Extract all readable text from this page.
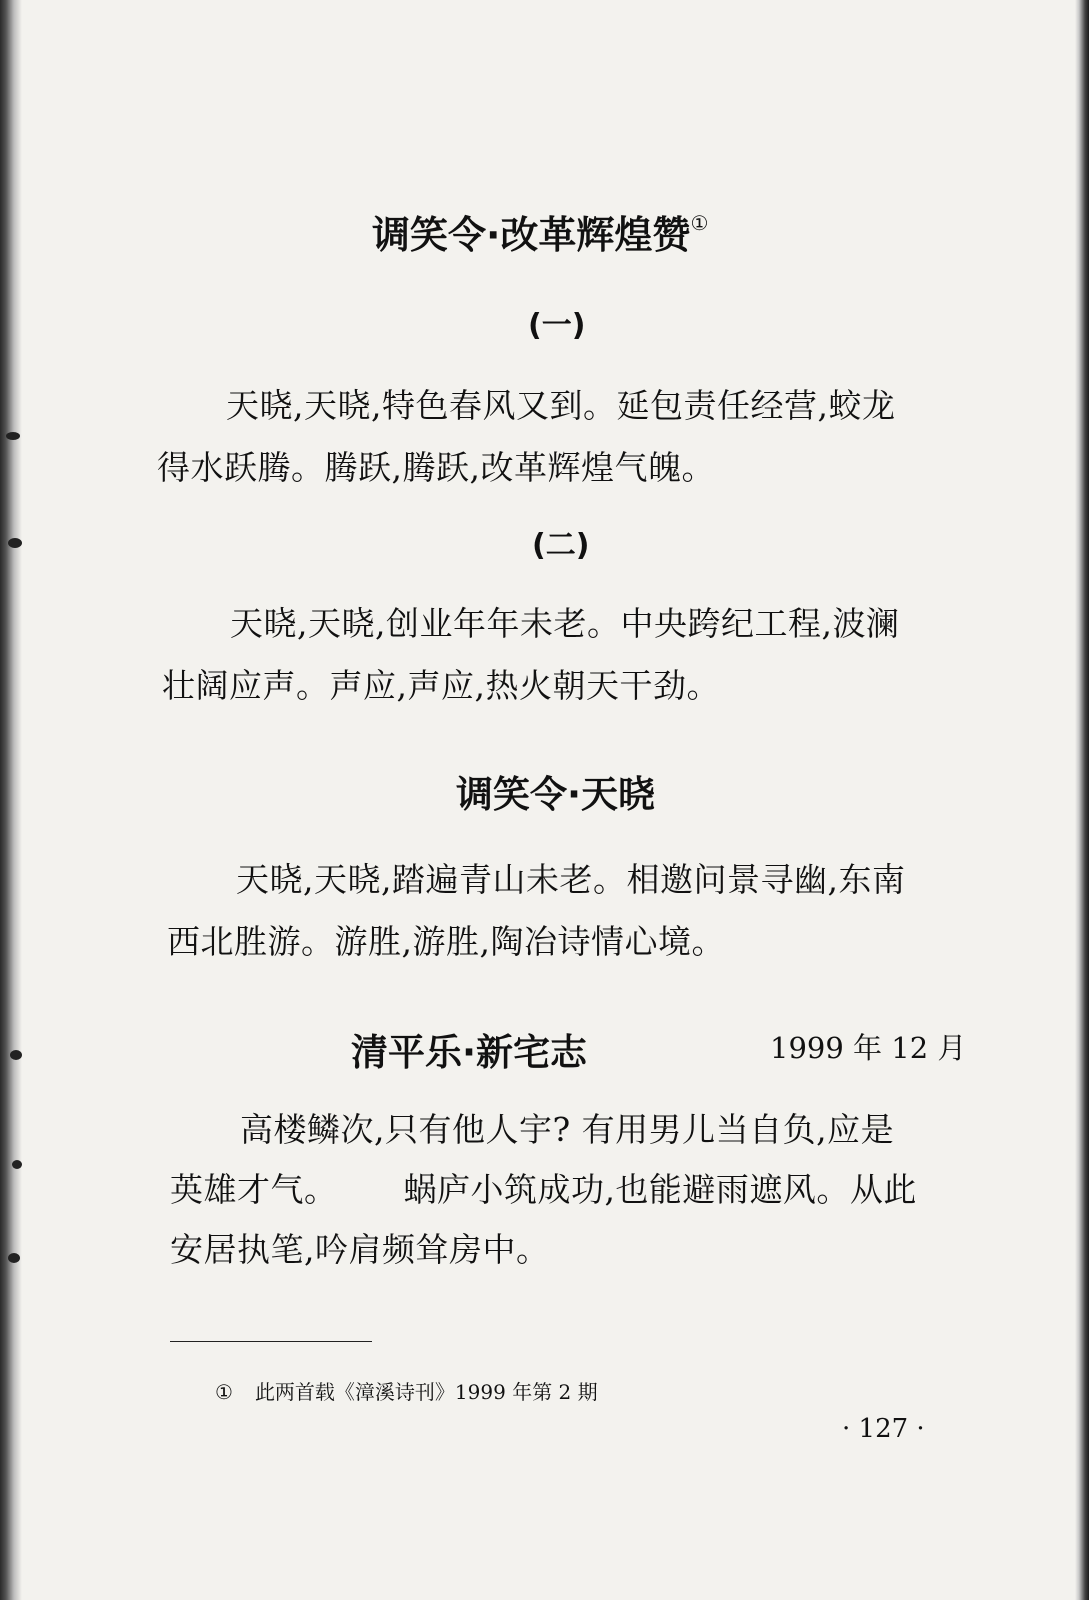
调笑令·改革辉煌赞①
(一)
天晓,天晓,特色春风又到。延包责任经营,蛟龙
得水跃腾。腾跃,腾跃,改革辉煌气魄。
(二)
天晓,天晓,创业年年未老。中央跨纪工程,波澜
壮阔应声。声应,声应,热火朝天干劲。
调笑令·天晓
天晓,天晓,踏遍青山未老。相邀问景寻幽,东南
西北胜游。游胜,游胜,陶冶诗情心境。
清平乐·新宅志	1999 年 12 月
高楼鳞次,只有他人宇? 有用男儿当自负,应是
英雄才气。      蜗庐小筑成功,也能避雨遮风。从此
安居执笔,吟肩频耸房中。
① 此两首载《漳溪诗刊》1999 年第 2 期
· 127 ·
